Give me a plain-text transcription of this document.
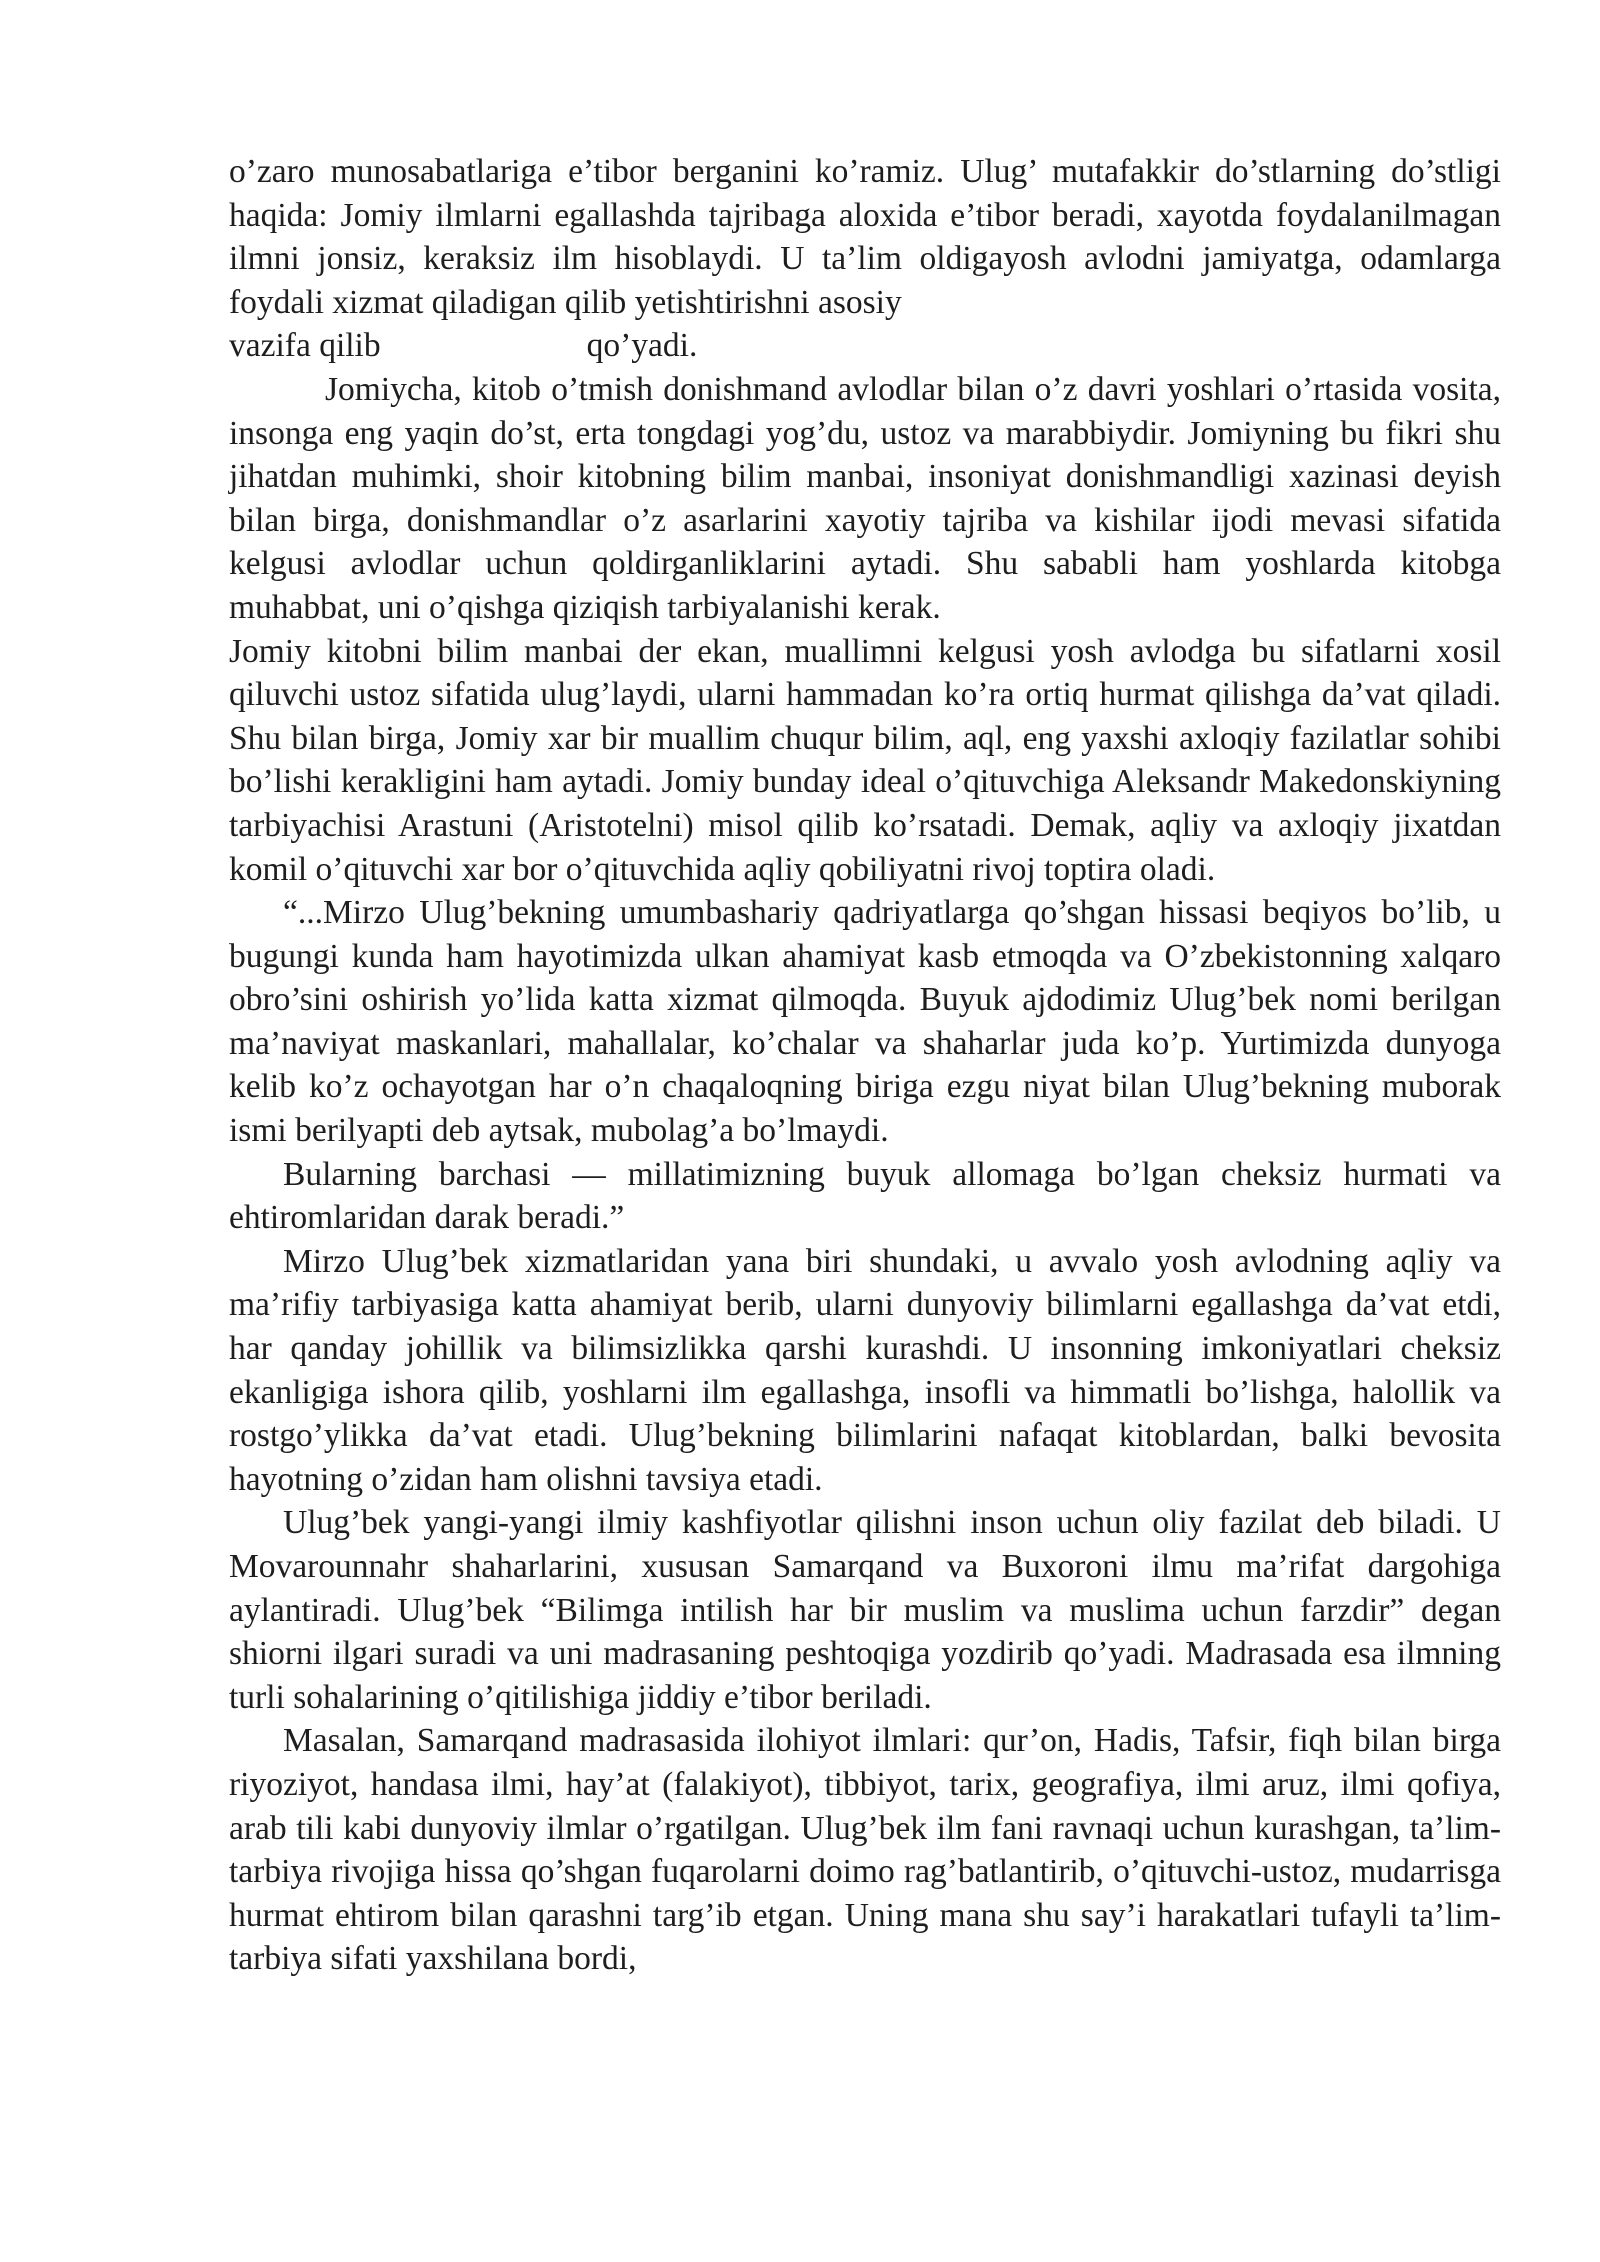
o’zaro munosabatlariga e’tibor berganini ko’ramiz. Ulug’ mutafakkir do’stlarning do’stligi haqida: Jomiy ilmlarni egallashda tajribaga aloxida e’tibor beradi, xayotda foydalanilmagan ilmni jonsiz, keraksiz ilm hisoblaydi. U ta’lim oldigayosh avlodni jamiyatga, odamlarga foydali xizmat qiladigan qilib yetishtirishni asosiy

vazifa qilib	qo’yadi.

Jomiycha, kitob o’tmish donishmand avlodlar bilan o’z davri yoshlari o’rtasida vosita, insonga eng yaqin do’st, erta tongdagi yog’du, ustoz va marabbiydir. Jomiyning bu fikri shu jihatdan muhimki, shoir kitobning bilim manbai, insoniyat donishmandligi xazinasi deyish bilan birga, donishmandlar o’z asarlarini xayotiy tajriba va kishilar ijodi mevasi sifatida kelgusi avlodlar uchun qoldirganliklarini aytadi. Shu sababli ham yoshlarda kitobga muhabbat, uni o’qishga qiziqish tarbiyalanishi kerak.

Jomiy kitobni bilim manbai der ekan, muallimni kelgusi yosh avlodga bu sifatlarni xosil qiluvchi ustoz sifatida ulug’laydi, ularni hammadan ko’ra ortiq hurmat qilishga da’vat qiladi. Shu bilan birga, Jomiy xar bir muallim chuqur bilim, aql, eng yaxshi axloqiy fazilatlar sohibi bo’lishi kerakligini ham aytadi. Jomiy bunday ideal o’qituvchiga Aleksandr Makedonskiyning tarbiyachisi Arastuni (Aristotelni) misol qilib ko’rsatadi. Demak, aqliy va axloqiy jixatdan komil o’qituvchi xar bor o’qituvchida aqliy qobiliyatni rivoj toptira oladi.

“...Mirzo Ulug’bekning umumbashariy qadriyatlarga qo’shgan hissasi beqiyos bo’lib, u bugungi kunda ham hayotimizda ulkan ahamiyat kasb etmoqda va O’zbekistonning xalqaro obro’sini oshirish yo’lida katta xizmat qilmoqda. Buyuk ajdodimiz Ulug’bek nomi berilgan ma’naviyat maskanlari, mahallalar, ko’chalar va shaharlar juda ko’p. Yurtimizda dunyoga kelib ko’z ochayotgan har o’n chaqaloqning biriga ezgu niyat bilan Ulug’bekning muborak ismi berilyapti deb aytsak, mubolag’a bo’lmaydi.

Bularning barchasi — millatimizning buyuk allomaga bo’lgan cheksiz hurmati va ehtiromlaridan darak beradi.”

Mirzo Ulug’bek xizmatlaridan yana biri shundaki, u avvalo yosh avlodning aqliy va ma’rifiy tarbiyasiga katta ahamiyat berib, ularni dunyoviy bilimlarni egallashga da’vat etdi, har qanday johillik va bilimsizlikka qarshi kurashdi. U insonning imkoniyatlari cheksiz ekanligiga ishora qilib, yoshlarni ilm egallashga, insofli va himmatli bo’lishga, halollik va rostgo’ylikka da’vat etadi. Ulug’bekning bilimlarini nafaqat kitoblardan, balki bevosita hayotning o’zidan ham olishni tavsiya etadi.

Ulug’bek yangi-yangi ilmiy kashfiyotlar qilishni inson uchun oliy fazilat deb biladi. U Movarounnahr shaharlarini, xususan Samarqand va Buxoroni ilmu ma’rifat dargohiga aylantiradi. Ulug’bek “Bilimga intilish har bir muslim va muslima uchun farzdir” degan shiorni ilgari suradi va uni madrasaning peshtoqiga yozdirib qo’yadi. Madrasada esa ilmning turli sohalarining o’qitilishiga jiddiy e’tibor beriladi.

Masalan, Samarqand madrasasida ilohiyot ilmlari: qur’on, Hadis, Tafsir, fiqh bilan birga riyoziyot, handasa ilmi, hay’at (falakiyot), tibbiyot, tarix, geografiya, ilmi aruz, ilmi qofiya, arab tili kabi dunyoviy ilmlar o’rgatilgan. Ulug’bek ilm fani ravnaqi uchun kurashgan, ta’lim-tarbiya rivojiga hissa qo’shgan fuqarolarni doimo rag’batlantirib, o’qituvchi-ustoz, mudarrisga hurmat ehtirom bilan qarashni targ’ib etgan. Uning mana shu say’i harakatlari tufayli ta’lim-tarbiya sifati yaxshilana bordi,
